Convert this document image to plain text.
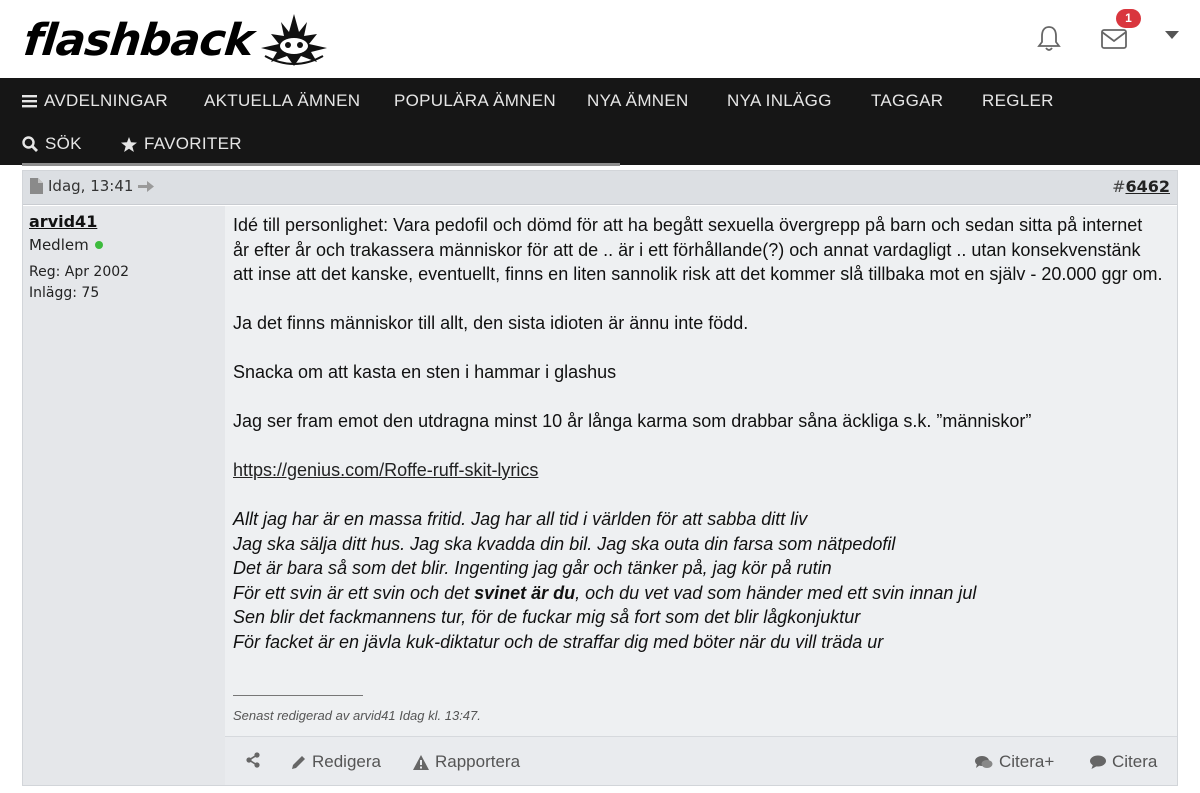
flashback	1
AVDELNINGAR AKTUELLA ÄMNEN POPULÄRA ÄMNEN NYA ÄMNEN NYA INLÄGG TAGGAR REGLER
SÖK	FAVORITER
Idag, 13:41	#6462
arvid41
Medlem
Reg: Apr 2002
Inlägg: 75
Idé till personlighet: Vara pedofil och dömd för att ha begått sexuella övergrepp på barn och sedan sitta på internet år efter år och trakassera människor för att de .. är i ett förhållande(?) och annat vardagligt .. utan konsekvenstänk att inse att det kanske, eventuellt, finns en liten sannolik risk att det kommer slå tillbaka mot en själv - 20.000 ggr om.
Ja det finns människor till allt, den sista idioten är ännu inte född.
Snacka om att kasta en sten i hammar i glashus
Jag ser fram emot den utdragna minst 10 år långa karma som drabbar såna äckliga s.k. ”människor”
https://genius.com/Roffe-ruff-skit-lyrics
Allt jag har är en massa fritid. Jag har all tid i världen för att sabba ditt liv
Jag ska sälja ditt hus. Jag ska kvadda din bil. Jag ska outa din farsa som nätpedofil
Det är bara så som det blir. Ingenting jag går och tänker på, jag kör på rutin
För ett svin är ett svin och det svinet är du, och du vet vad som händer med ett svin innan jul
Sen blir det fackmannens tur, för de fuckar mig så fort som det blir lågkonjuktur
För facket är en jävla kuk-diktatur och de straffar dig med böter när du vill träda ur
Senast redigerad av arvid41 Idag kl. 13:47.
Redigera	Rapportera	Citera+	Citera
